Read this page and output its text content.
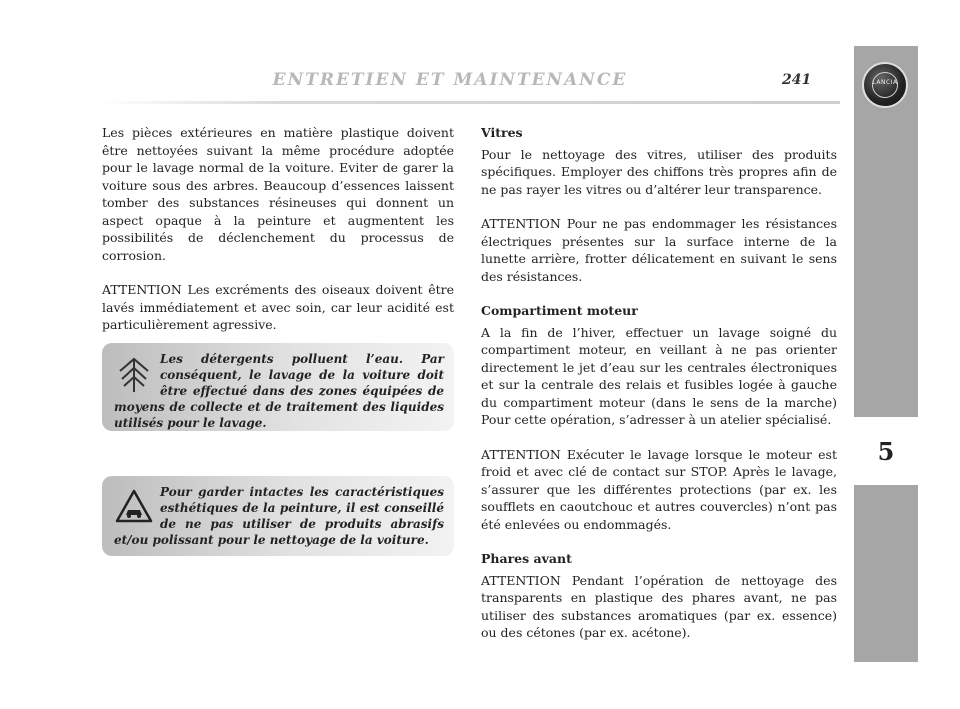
ENTRETIEN ET MAINTENANCE	241	LANCIA
5

Les pièces extérieures en matière plastique doivent être nettoyées suivant la même procédure adoptée pour le lavage normal de la voiture. Eviter de garer la voiture sous des arbres. Beaucoup d’essences laissent tomber des substances résineuses qui donnent un aspect opaque à la peinture et augmentent les possibilités de déclenchement du processus de corrosion.

ATTENTION Les excréments des oiseaux doivent être lavés immédiatement et avec soin, car leur acidité est particulièrement agressive.

Les détergents polluent l’eau. Par conséquent, le lavage de la voiture doit être effectué dans des zones équipées de moyens de collecte et de traitement des liquides utilisés pour le lavage.
Pour garder intactes les caractéristiques esthétiques de la peinture, il est conseillé de ne pas utiliser de produits abrasifs et/ou polissant pour le nettoyage de la voiture.
Vitres

Pour le nettoyage des vitres, utiliser des produits spécifiques. Employer des chiffons très propres afin de ne pas rayer les vitres ou d’altérer leur transparence.

ATTENTION Pour ne pas endommager les résistances électriques présentes sur la surface interne de la lunette arrière, frotter délicatement en suivant le sens des résistances.

Compartiment moteur

A la fin de l’hiver, effectuer un lavage soigné du compartiment moteur, en veillant à ne pas orienter directement le jet d’eau sur les centrales électroniques et sur la centrale des relais et fusibles logée à gauche du compartiment moteur (dans le sens de la marche) Pour cette opération, s’adresser à un atelier spécialisé.

ATTENTION Exécuter le lavage lorsque le moteur est froid et avec clé de contact sur STOP. Après le lavage, s’assurer que les différentes protections (par ex. les soufflets en caoutchouc et autres couvercles) n’ont pas été enlevées ou endommagés.

Phares avant

ATTENTION Pendant l’opération de nettoyage des transparents en plastique des phares avant, ne pas utiliser des substances aromatiques (par ex. essence) ou des cétones (par ex. acétone).
